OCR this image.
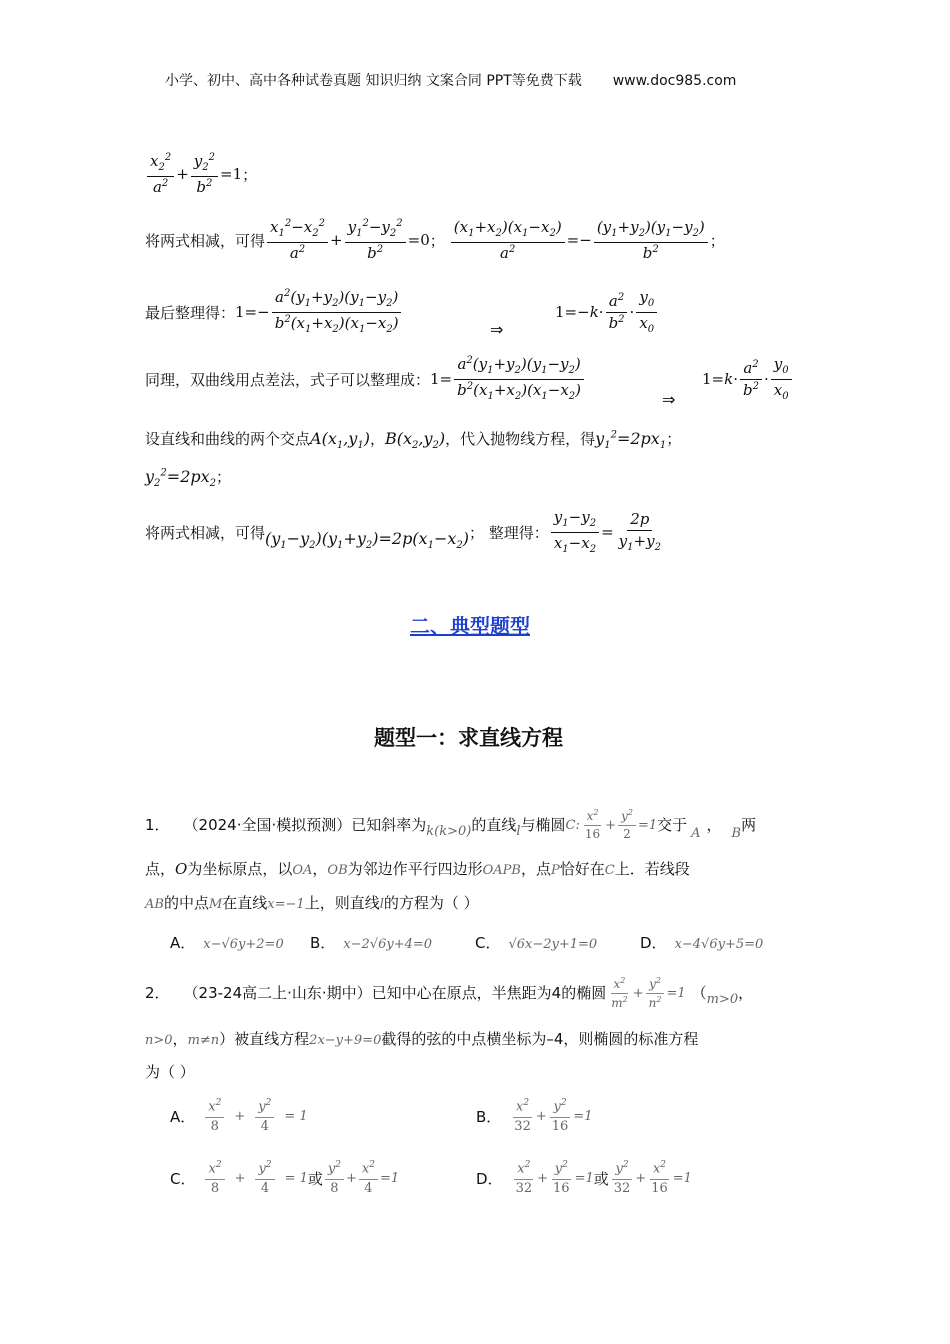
小学、初中、高中各种试卷真题 知识归纳 文案合同 PPT等免费下载 www.doc985.com
$\frac{x_2^2}{a^2} + \frac{y_2^2}{b^2} =1$ ；
将两式相减，可得 $\frac{x_1^2-x_2^2}{a^2} + \frac{y_1^2-y_2^2}{b^2} =0$ ； $\frac{(x_1+x_2)(x_1-x_2)}{a^2} =- \frac{(y_1+y_2)(y_1-y_2)}{b^2}$ ；
最后整理得： $1=- \frac{a^2(y_1+y_2)(y_1-y_2)}{b^2(x_1+x_2)(x_1-x_2)}$	⇒
$1=- k \cdot \frac{a^2}{b^2} \cdot \frac{y_0}{x_0}$
同理，双曲线用点差法，式子可以整理成： $1= \frac{a^2(y_1+y_2)(y_1-y_2)}{b^2(x_1+x_2)(x_1-x_2)}$	⇒
$1= k \cdot \frac{a^2}{b^2} \cdot \frac{y_0}{x_0}$
设直线和曲线的两个交点$A(x_1,y_1)$，$B(x_2,y_2)$，代入抛物线方程，得$y_1^2=2px_1$；
$y_2^2=2px_2$；
将两式相减，可得 $(y_1-y_2)(y_1+y_2)=2p(x_1-x_2)$ ； 整理得： $\frac{y_1-y_2}{x_1-x_2} = \frac{2p}{y_1+y_2}$
二、典型题型
题型一：求直线方程
1． （2024·全国·模拟预测） 已知斜率为 k(k>0) 的直线 l 与椭圆 C: $\frac{x^2}{16} + \frac{y^2}{2} =1$ 交于 A ， B 两
点，O为坐标原点，以OA，OB为邻边作平行四边形OAPB，点P恰好在C上．若线段
AB的中点M在直线x=−1上，则直线l的方程为（ ）
A． x−√6y+2=0 B． x−2√6y+4=0	C． √6x−2y+1=0	D． x−4√6y+5=0
2． （23-24高二上·山东·期中） 已知中心在原点，半焦距为4的椭圆 $\frac{x^2}{m^2} + \frac{y^2}{n^2} =1$ （ m>0 ，
n>0，m≠n）被直线方程2x−y+9=0截得的弦的中点横坐标为–4，则椭圆的标准方程
为（ ）
A． $\frac{x^2}{8} + \frac{y^2}{4} = 1$	B． $\frac{x^2}{32} + \frac{y^2}{16} =1$
C． $\frac{x^2}{8} + \frac{y^2}{4} = 1$ 或 $\frac{y^2}{8} + \frac{x^2}{4} =1$	D． $\frac{x^2}{32} + \frac{y^2}{16} =1$ 或 $\frac{y^2}{32} + \frac{x^2}{16} =1$
